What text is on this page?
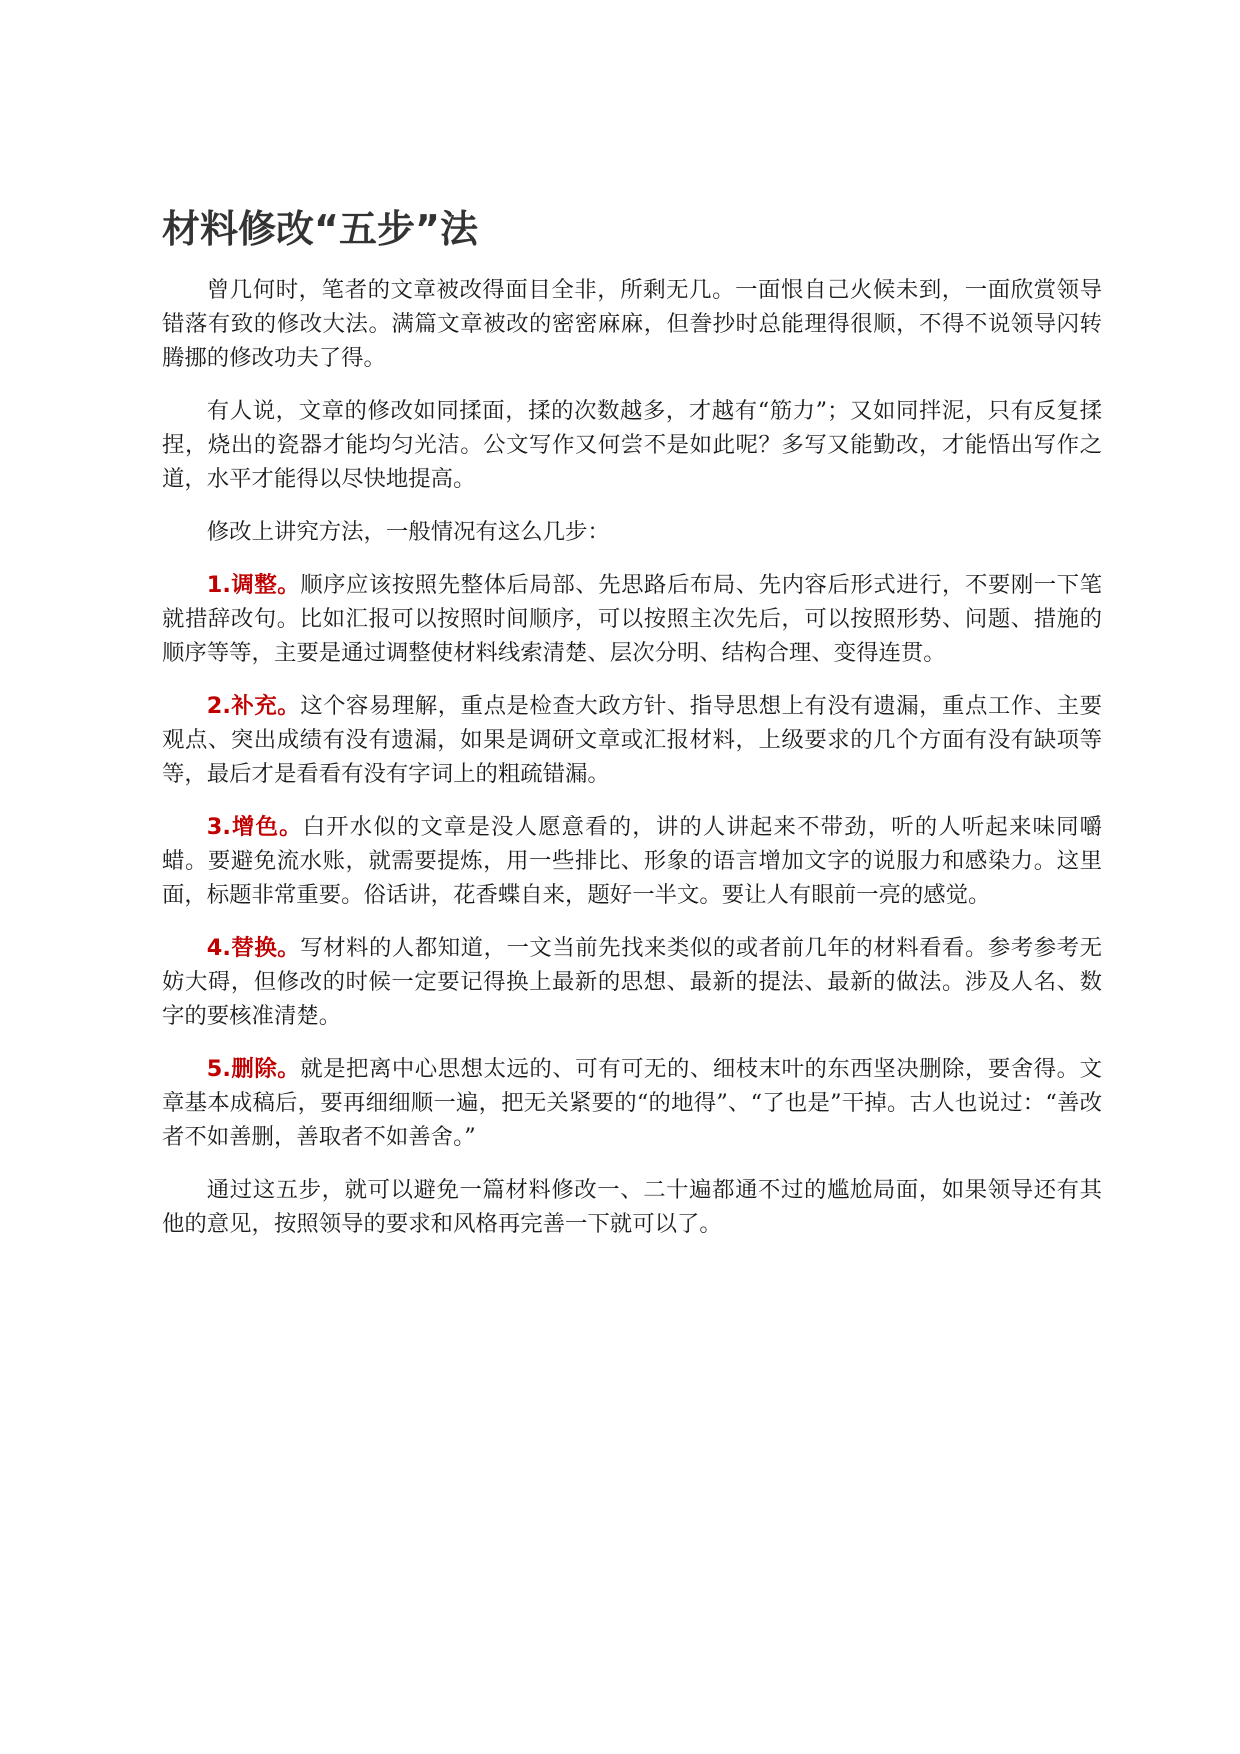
材料修改“五步”法

曾几何时，笔者的文章被改得面目全非，所剩无几。一面恨自己火候未到，一面欣赏领导错落有致的修改大法。满篇文章被改的密密麻麻，但誊抄时总能理得很顺，不得不说领导闪转腾挪的修改功夫了得。

有人说，文章的修改如同揉面，揉的次数越多，才越有“筋力”；又如同拌泥，只有反复揉捏，烧出的瓷器才能均匀光洁。公文写作又何尝不是如此呢？多写又能勤改，才能悟出写作之道，水平才能得以尽快地提高。

修改上讲究方法，一般情况有这么几步：

1.调整。顺序应该按照先整体后局部、先思路后布局、先内容后形式进行，不要刚一下笔就措辞改句。比如汇报可以按照时间顺序，可以按照主次先后，可以按照形势、问题、措施的顺序等等，主要是通过调整使材料线索清楚、层次分明、结构合理、变得连贯。

2.补充。这个容易理解，重点是检查大政方针、指导思想上有没有遗漏，重点工作、主要观点、突出成绩有没有遗漏，如果是调研文章或汇报材料，上级要求的几个方面有没有缺项等等，最后才是看看有没有字词上的粗疏错漏。

3.增色。白开水似的文章是没人愿意看的，讲的人讲起来不带劲，听的人听起来味同嚼蜡。要避免流水账，就需要提炼，用一些排比、形象的语言增加文字的说服力和感染力。这里面，标题非常重要。俗话讲，花香蝶自来，题好一半文。要让人有眼前一亮的感觉。

4.替换。写材料的人都知道，一文当前先找来类似的或者前几年的材料看看。参考参考无妨大碍，但修改的时候一定要记得换上最新的思想、最新的提法、最新的做法。涉及人名、数字的要核准清楚。

5.删除。就是把离中心思想太远的、可有可无的、细枝末叶的东西坚决删除，要舍得。文章基本成稿后，要再细细顺一遍，把无关紧要的“的地得”、“了也是”干掉。古人也说过：“善改者不如善删，善取者不如善舍。”

通过这五步，就可以避免一篇材料修改一、二十遍都通不过的尴尬局面，如果领导还有其他的意见，按照领导的要求和风格再完善一下就可以了。
